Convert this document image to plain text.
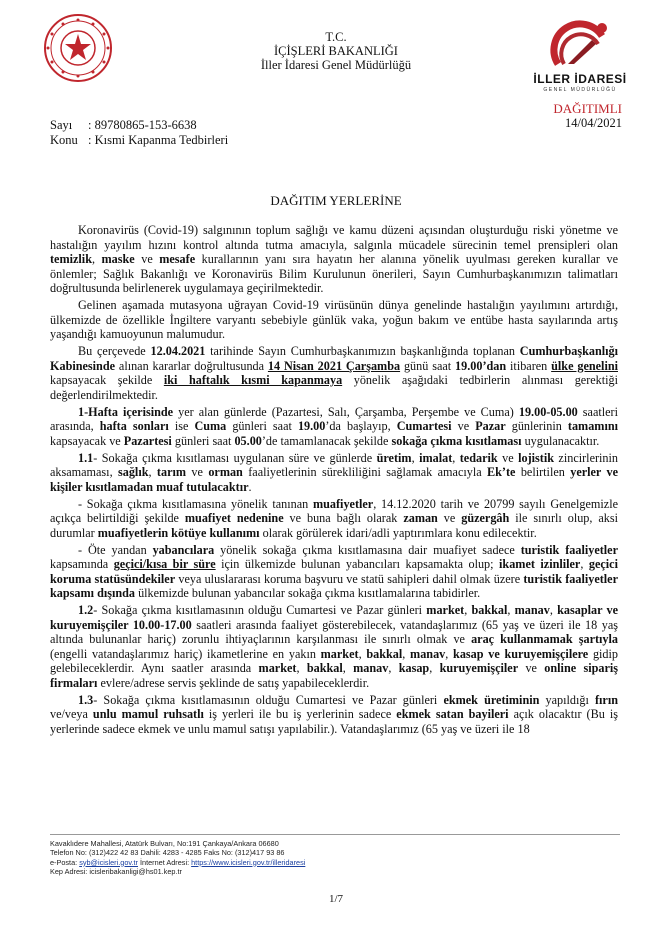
T.C.
İÇİŞLERİ BAKANLIĞI
İller İdaresi Genel Müdürlüğü
İLLER İDARESİ
GENEL MÜDÜRLÜĞÜ
DAĞITIMLI
14/04/2021
Sayı : 89780865-153-6638
Konu : Kısmi Kapanma Tedbirleri
DAĞITIM YERLERİNE

Koronavirüs (Covid-19) salgınının toplum sağlığı ve kamu düzeni açısından oluşturduğu riski yönetme ve hastalığın yayılım hızını kontrol altında tutma amacıyla, salgınla mücadele sürecinin temel prensipleri olan temizlik, maske ve mesafe kurallarının yanı sıra hayatın her alanına yönelik uyulması gereken kurallar ve önlemler; Sağlık Bakanlığı ve Koronavirüs Bilim Kurulunun önerileri, Sayın Cumhurbaşkanımızın talimatları doğrultusunda belirlenerek uygulamaya geçirilmektedir.

Gelinen aşamada mutasyona uğrayan Covid-19 virüsünün dünya genelinde hastalığın yayılımını artırdığı, ülkemizde de özellikle İngiltere varyantı sebebiyle günlük vaka, yoğun bakım ve entübe hasta sayılarında artış yaşandığı kamuoyunun malumudur.

Bu çerçevede 12.04.2021 tarihinde Sayın Cumhurbaşkanımızın başkanlığında toplanan Cumhurbaşkanlığı Kabinesinde alınan kararlar doğrultusunda 14 Nisan 2021 Çarşamba günü saat 19.00’dan itibaren ülke genelini kapsayacak şekilde iki haftalık kısmi kapanmaya yönelik aşağıdaki tedbirlerin alınması gerektiği değerlendirilmektedir.

1-Hafta içerisinde yer alan günlerde (Pazartesi, Salı, Çarşamba, Perşembe ve Cuma) 19.00-05.00 saatleri arasında, hafta sonları ise Cuma günleri saat 19.00’da başlayıp, Cumartesi ve Pazar günlerinin tamamını kapsayacak ve Pazartesi günleri saat 05.00’de tamamlanacak şekilde sokağa çıkma kısıtlaması uygulanacaktır.

1.1- Sokağa çıkma kısıtlaması uygulanan süre ve günlerde üretim, imalat, tedarik ve lojistik zincirlerinin aksamaması, sağlık, tarım ve orman faaliyetlerinin sürekliliğini sağlamak amacıyla Ek’te belirtilen yerler ve kişiler kısıtlamadan muaf tutulacaktır.

- Sokağa çıkma kısıtlamasına yönelik tanınan muafiyetler, 14.12.2020 tarih ve 20799 sayılı Genelgemizle açıkça belirtildiği şekilde muafiyet nedenine ve buna bağlı olarak zaman ve güzergâh ile sınırlı olup, aksi durumlar muafiyetlerin kötüye kullanımı olarak görülerek idari/adli yaptırımlara konu edilecektir.

- Öte yandan yabancılara yönelik sokağa çıkma kısıtlamasına dair muafiyet sadece turistik faaliyetler kapsamında geçici/kısa bir süre için ülkemizde bulunan yabancıları kapsamakta olup; ikamet izinliler, geçici koruma statüsündekiler veya uluslararası koruma başvuru ve statü sahipleri dahil olmak üzere turistik faaliyetler kapsamı dışında ülkemizde bulunan yabancılar sokağa çıkma kısıtlamalarına tabidirler.

1.2- Sokağa çıkma kısıtlamasının olduğu Cumartesi ve Pazar günleri market, bakkal, manav, kasaplar ve kuruyemişçiler 10.00-17.00 saatleri arasında faaliyet gösterebilecek, vatandaşlarımız (65 yaş ve üzeri ile 18 yaş altında bulunanlar hariç) zorunlu ihtiyaçlarının karşılanması ile sınırlı olmak ve araç kullanmamak şartıyla (engelli vatandaşlarımız hariç) ikametlerine en yakın market, bakkal, manav, kasap ve kuruyemişçilere gidip gelebileceklerdir. Aynı saatler arasında market, bakkal, manav, kasap, kuruyemişçiler ve online sipariş firmaları evlere/adrese servis şeklinde de satış yapabileceklerdir.

1.3- Sokağa çıkma kısıtlamasının olduğu Cumartesi ve Pazar günleri ekmek üretiminin yapıldığı fırın ve/veya unlu mamul ruhsatlı iş yerleri ile bu iş yerlerinin sadece ekmek satan bayileri açık olacaktır (Bu iş yerlerinde sadece ekmek ve unlu mamul satışı yapılabilir.). Vatandaşlarımız (65 yaş ve üzeri ile 18

Kavaklıdere Mahallesi, Atatürk Bulvarı, No:191 Çankaya/Ankara 06680
Telefon No: (312)422 42 83 Dahili: 4283 - 4285 Faks No: (312)417 93 86
e-Posta: syb@icisleri.gov.tr İnternet Adresi: https://www.icisleri.gov.tr/illeridaresi
Kep Adresi: icisleribakanligi@hs01.kep.tr
1/7
